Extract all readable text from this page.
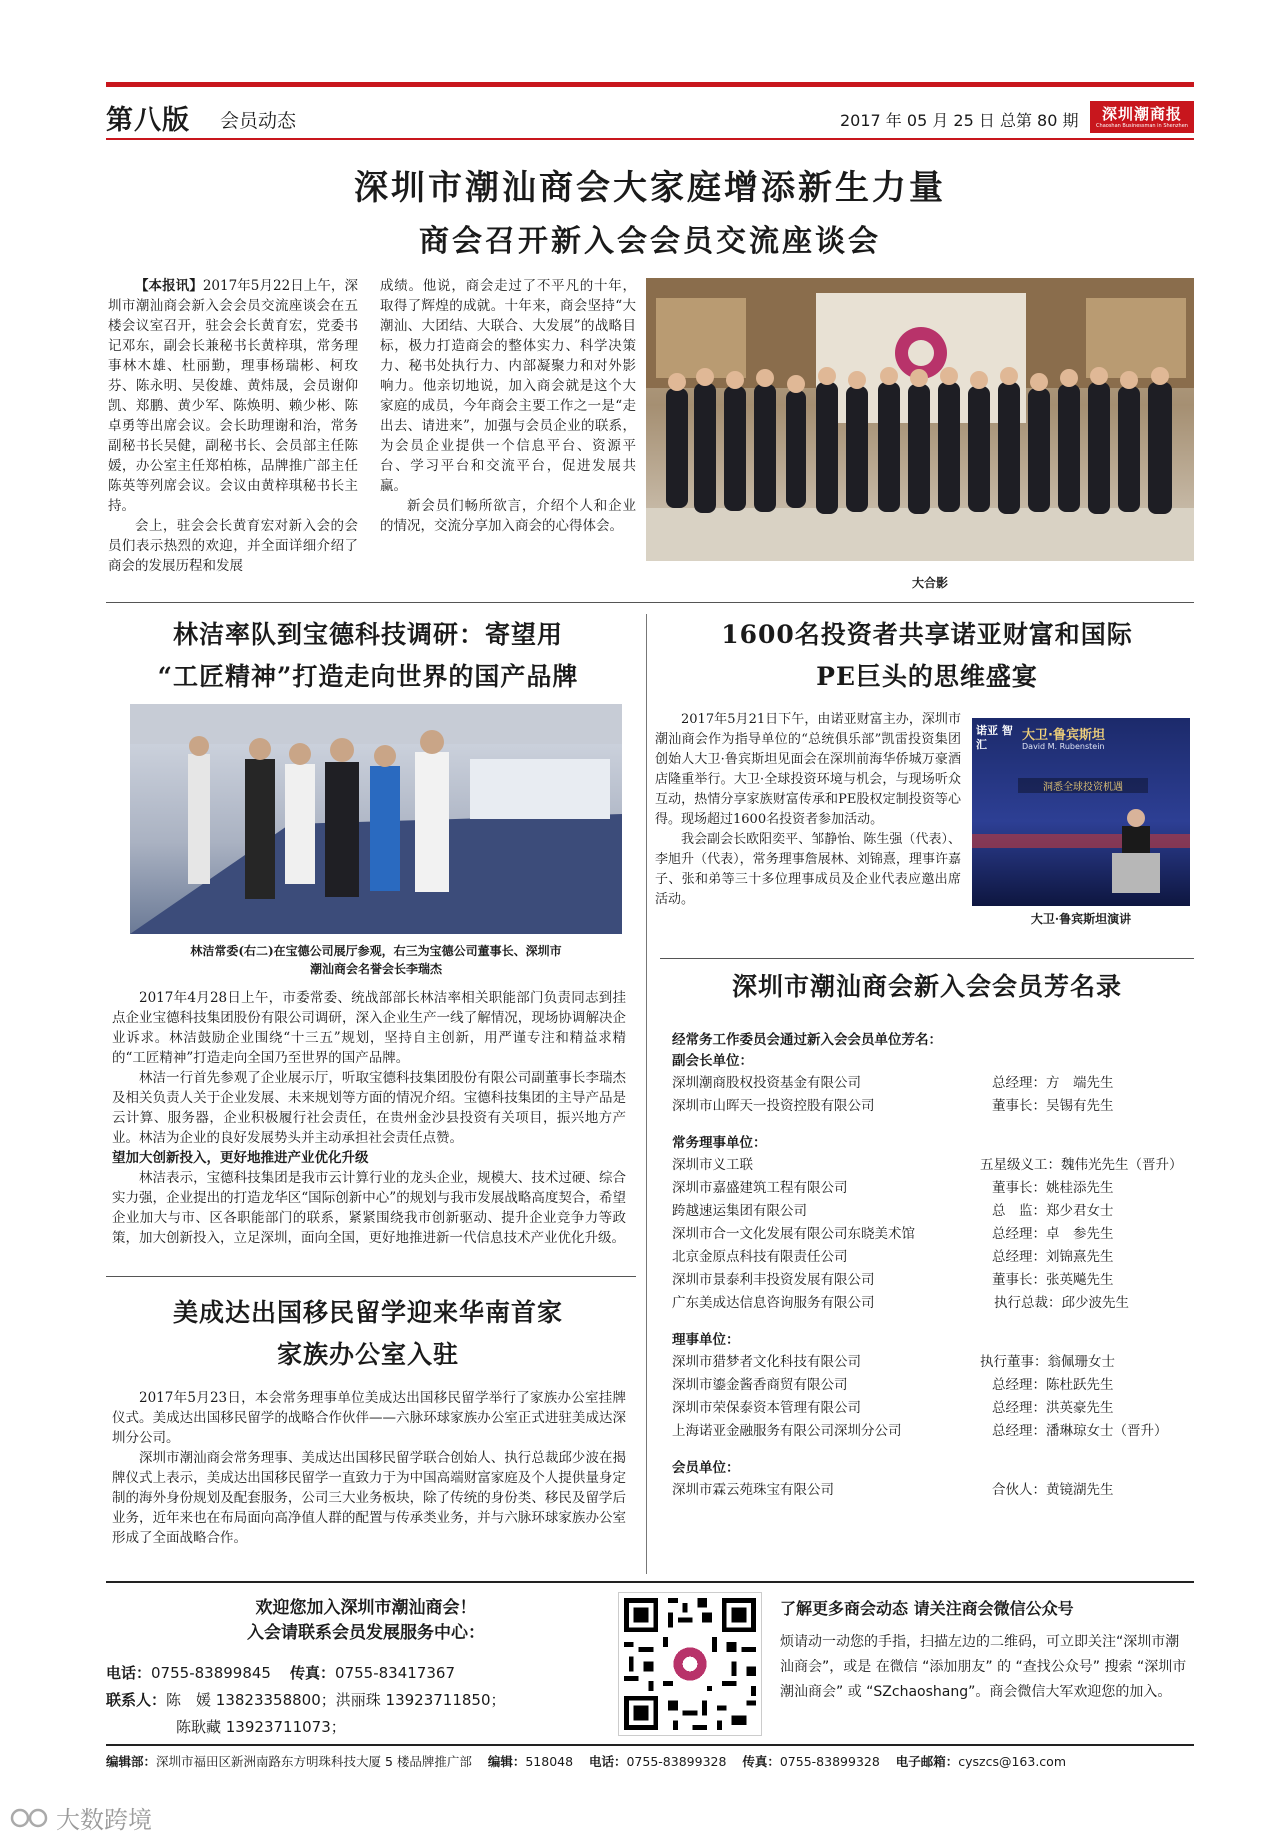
第八版 会员动态	2017 年 05 月 25 日 总第 80 期 深圳潮商报
Chaoshan Businessman in Shenzhen
深圳市潮汕商会大家庭增添新生力量
商会召开新入会会员交流座谈会

【本报讯】2017年5月22日上午，深圳市潮汕商会新入会会员交流座谈会在五楼会议室召开，驻会会长黄育宏，党委书记邓东，副会长兼秘书长黄梓琪，常务理事林木雄、杜丽勤，理事杨瑞彬、柯玫芬、陈永明、吴俊雄、黄炜晟，会员谢仰凯、郑鹏、黄少军、陈焕明、赖少彬、陈卓勇等出席会议。会长助理谢和治，常务副秘书长吴健，副秘书长、会员部主任陈媛，办公室主任郑柏栋，品牌推广部主任陈英等列席会议。会议由黄梓琪秘书长主持。

会上，驻会会长黄育宏对新入会的会员们表示热烈的欢迎，并全面详细介绍了商会的发展历程和发展

成绩。他说，商会走过了不平凡的十年，取得了辉煌的成就。十年来，商会坚持“大潮汕、大团结、大联合、大发展”的战略目标，极力打造商会的整体实力、科学决策力、秘书处执行力、内部凝聚力和对外影响力。他亲切地说，加入商会就是这个大家庭的成员，今年商会主要工作之一是“走出去、请进来”，加强与会员企业的联系，为会员企业提供一个信息平台、资源平台、学习平台和交流平台，促进发展共赢。

新会员们畅所欲言，介绍个人和企业的情况，交流分享加入商会的心得体会。

大合影
林洁率队到宝德科技调研：寄望用
“工匠精神”打造走向世界的国产品牌
林洁常委(右二)在宝德公司展厅参观，右三为宝德公司董事长、深圳市
潮汕商会名誉会长李瑞杰

2017年4月28日上午，市委常委、统战部部长林洁率相关职能部门负责同志到挂点企业宝德科技集团股份有限公司调研，深入企业生产一线了解情况，现场协调解决企业诉求。林洁鼓励企业围绕“十三五”规划，坚持自主创新，用严谨专注和精益求精的“工匠精神”打造走向全国乃至世界的国产品牌。

林洁一行首先参观了企业展示厅，听取宝德科技集团股份有限公司副董事长李瑞杰及相关负责人关于企业发展、未来规划等方面的情况介绍。宝德科技集团的主导产品是云计算、服务器，企业积极履行社会责任，在贵州金沙县投资有关项目，振兴地方产业。林洁为企业的良好发展势头并主动承担社会责任点赞。

望加大创新投入，更好地推进产业优化升级

林洁表示，宝德科技集团是我市云计算行业的龙头企业，规模大、技术过硬、综合实力强，企业提出的打造龙华区“国际创新中心”的规划与我市发展战略高度契合，希望企业加大与市、区各职能部门的联系，紧紧围绕我市创新驱动、提升企业竞争力等政策，加大创新投入，立足深圳，面向全国，更好地推进新一代信息技术产业优化升级。

美成达出国移民留学迎来华南首家
家族办公室入驻

2017年5月23日，本会常务理事单位美成达出国移民留学举行了家族办公室挂牌仪式。美成达出国移民留学的战略合作伙伴——六脉环球家族办公室正式进驻美成达深圳分公司。

深圳市潮汕商会常务理事、美成达出国移民留学联合创始人、执行总裁邱少波在揭牌仪式上表示，美成达出国移民留学一直致力于为中国高端财富家庭及个人提供量身定制的海外身份规划及配套服务，公司三大业务板块，除了传统的身份类、移民及留学后业务，近年来也在布局面向高净值人群的配置与传承类业务，并与六脉环球家族办公室形成了全面战略合作。

1600名投资者共享诺亚财富和国际
PE巨头的思维盛宴

2017年5月21日下午，由诺亚财富主办，深圳市潮汕商会作为指导单位的“总统俱乐部”凯雷投资集团创始人大卫·鲁宾斯坦见面会在深圳前海华侨城万豪酒店隆重举行。大卫·全球投资环境与机会，与现场听众互动，热情分享家族财富传承和PE股权定制投资等心得。现场超过1600名投资者参加活动。

我会副会长欧阳奕平、邹静怡、陈生强（代表）、李旭升（代表），常务理事詹展林、刘锦熹，理事许嘉子、张和弟等三十多位理事成员及企业代表应邀出席活动。

诺亚 智汇
大卫·鲁宾斯坦
David M. Rubenstein
洞悉全球投资机遇
大卫·鲁宾斯坦演讲
深圳市潮汕商会新入会会员芳名录
经常务工作委员会通过新入会会员单位芳名：
副会长单位：
深圳潮商股权投资基金有限公司	总经理：方　端先生
深圳市山晖天一投资控股有限公司	董事长：吴锡有先生
常务理事单位：
深圳市义工联	五星级义工：魏伟光先生（晋升）
深圳市嘉盛建筑工程有限公司	董事长：姚桂添先生
跨越速运集团有限公司	总　监：郑少君女士
深圳市合一文化发展有限公司东晓美术馆	总经理：卓　参先生
北京金原点科技有限责任公司	总经理：刘锦熹先生
深圳市景泰利丰投资发展有限公司	董事长：张英飚先生
广东美成达信息咨询服务有限公司	执行总裁：邱少波先生
理事单位：
深圳市猎梦者文化科技有限公司	执行董事：翁佩珊女士
深圳市鎏金酱香商贸有限公司	总经理：陈杜跃先生
深圳市荣保泰资本管理有限公司	总经理：洪英豪先生
上海诺亚金融服务有限公司深圳分公司	总经理：潘琳琼女士（晋升）
会员单位：
深圳市霖云苑珠宝有限公司	合伙人：黄镜湖先生
欢迎您加入深圳市潮汕商会！
入会请联系会员发展服务中心：
电话：0755-83899845 传真：0755-83417367
联系人：陈　媛 13823358800；洪丽珠 13923711850；
陈耿藏 13923711073；
了解更多商会动态 请关注商会微信公众号
烦请动一动您的手指，扫描左边的二维码，可立即关注“深圳市潮汕商会”，或是 在微信 “添加朋友” 的 “查找公众号” 搜索 “深圳市潮汕商会” 或 “SZchaoshang”。商会微信大军欢迎您的加入。
编辑部：深圳市福田区新洲南路东方明珠科技大厦 5 楼品牌推广部 编辑：518048 电话：0755-83899328 传真：0755-83899328 电子邮箱：cyszcs@163.com
大数跨境
